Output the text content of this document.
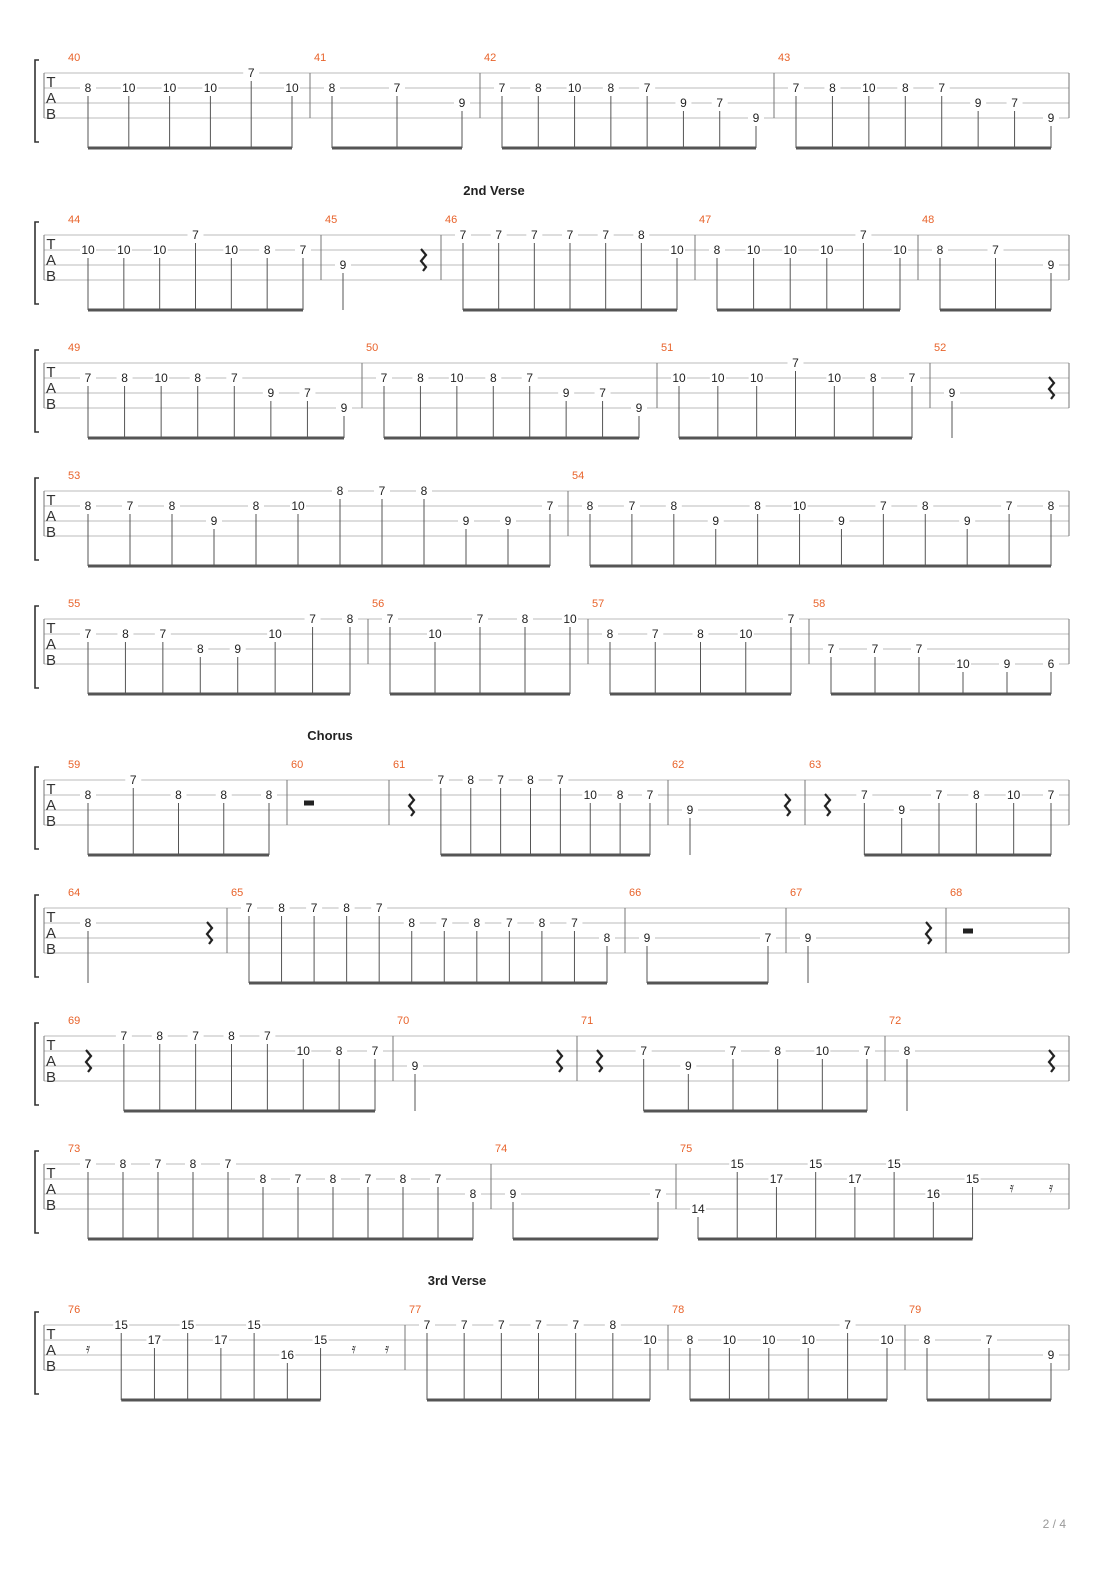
2nd Verse
Chorus
3rd Verse
T
A
B
40
8	10 10 10
7
10
41
8	7
9
42
7 8 10 8 7
9 7
9
43
7 8 10 8 7
9 7
9
T
A
B
44
10 10 10
7
10 8 7
45
9
46
7 7 7 7 7 8
10
47
8 10 10 10
7
10
48
8	7
9
T
A
B
49
7 8 10 8 7
9 7
9
50
7 8 10 8 7
9 7
9
51
10 10 10
7
10 8	7
52
9
T
A
B
53
8	7	8
9
8	10
8	7	8
9	9
7
54
8	7	8
9
8	10
9
7	8
9
7	8
T
A
B
55
7	8	7
8	9
10
7	8
56
7
10
7	8	10
57
8	7	8	10
7
58
7	7	7
10	9	6
T
A
B
59
8
7
8	8	8
60	61
7 8 7 8 7
10 8 7
62
9
63
7
9
7	8 10 7
T
A
B
64
8
65
7 8 7 8 7
8 7 8 7 8 7
8
66
9	7
67
9
68
T
A
B
69
7 8 7 8 7
10 8 7
70
9
71
7
9
7	8	10	7
72
8
T
A
B
73
7 8 7 8 7
8 7 8 7 8 7
8
74
9	7
75
14
15
17
15
17
15
16
15
𝄿 𝄿
T
A
B
76
𝄿
15
17
15
17
15
16
15
𝄿 𝄿
77
7	7	7	7	7	8
10
78
8 10 10 10
7
10
79
8	7
9
2 / 4
